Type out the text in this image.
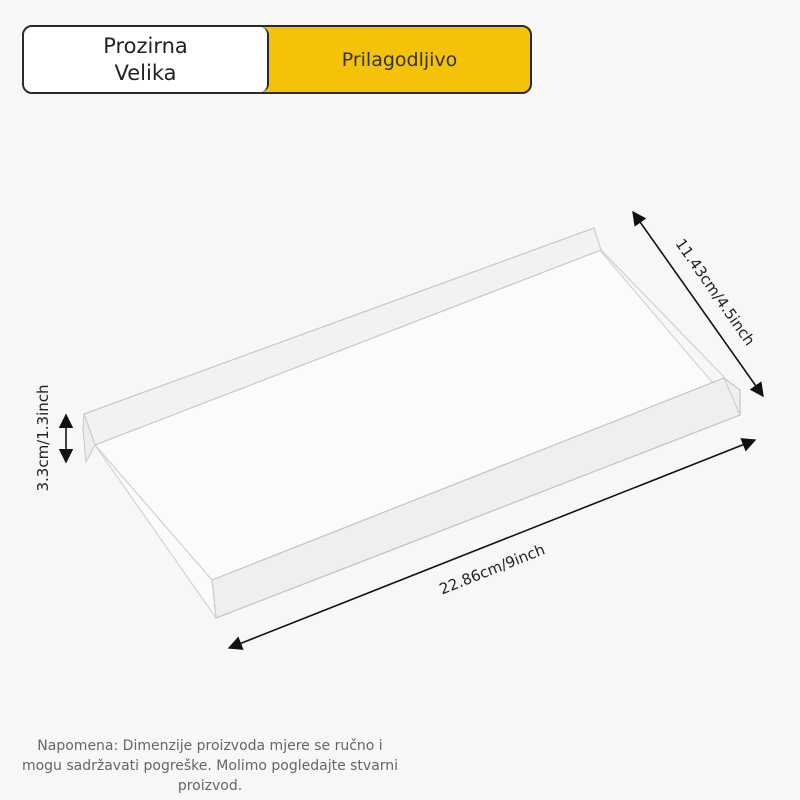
Prozirna
Velika
Prilagodljivo
11.43cm/4.5inch
3.3cm/1.3inch
22.86cm/9inch
Napomena: Dimenzije proizvoda mjere se ručno i mogu sadržavati pogreške. Molimo pogledajte stvarni proizvod.
